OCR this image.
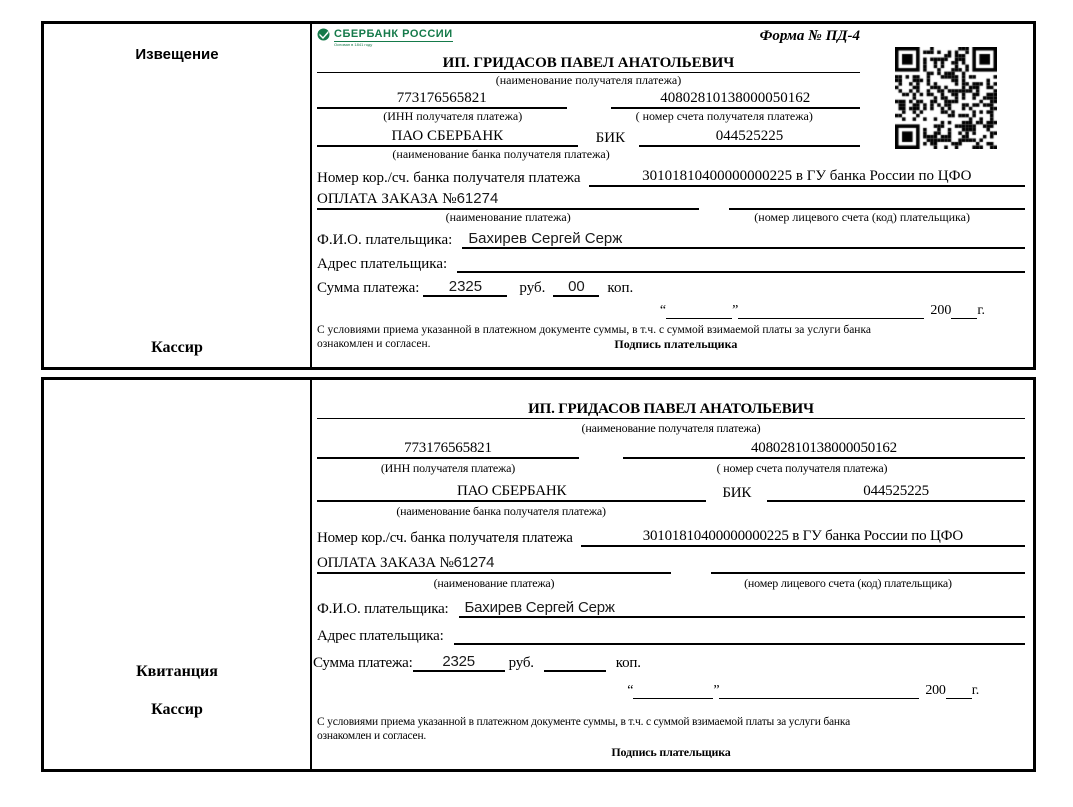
Извещение
Кассир
СБЕРБАНК РОССИИ
Основан в 1841 году
Форма № ПД-4
ИП. ГРИДАСОВ ПАВЕЛ АНАТОЛЬЕВИЧ
(наименование получателя платежа)
773176565821	40802810138000050162
(ИНН получателя платежа)	( номер счета получателя платежа)
ПАО СБЕРБАНК	БИК	044525225
(наименование банка получателя платежа)
Номер кор./сч. банка получателя платежа	30101810400000000225 в ГУ банка России по ЦФО
ОПЛАТА ЗАКАЗА №61274
(наименование платежа)	(номер лицевого счета (код) плательщика)
Ф.И.О. плательщика:	Бахирев Сергей Серж
Адрес плательщика:
Сумма платежа:	2325	руб.	00	коп.
“	”	200 г.
С условиями приема указанной в платежном документе суммы, в т.ч. с суммой взимаемой платы за услуги банка
ознакомлен и согласен.	Подпись плательщика
Квитанция
Кассир
ИП. ГРИДАСОВ ПАВЕЛ АНАТОЛЬЕВИЧ
(наименование получателя платежа)
773176565821	40802810138000050162
(ИНН получателя платежа)	( номер счета получателя платежа)
ПАО СБЕРБАНК	БИК	044525225
(наименование банка получателя платежа)
Номер кор./сч. банка получателя платежа	30101810400000000225 в ГУ банка России по ЦФО
ОПЛАТА ЗАКАЗА №61274
(наименование платежа)	(номер лицевого счета (код) плательщика)
Ф.И.О. плательщика:	Бахирев Сергей Серж
Адрес плательщика:
Сумма платежа:	2325	руб.	коп.
“	”	200 г.
С условиями приема указанной в платежном документе суммы, в т.ч. с суммой взимаемой платы за услуги банка
ознакомлен и согласен.
Подпись плательщика
